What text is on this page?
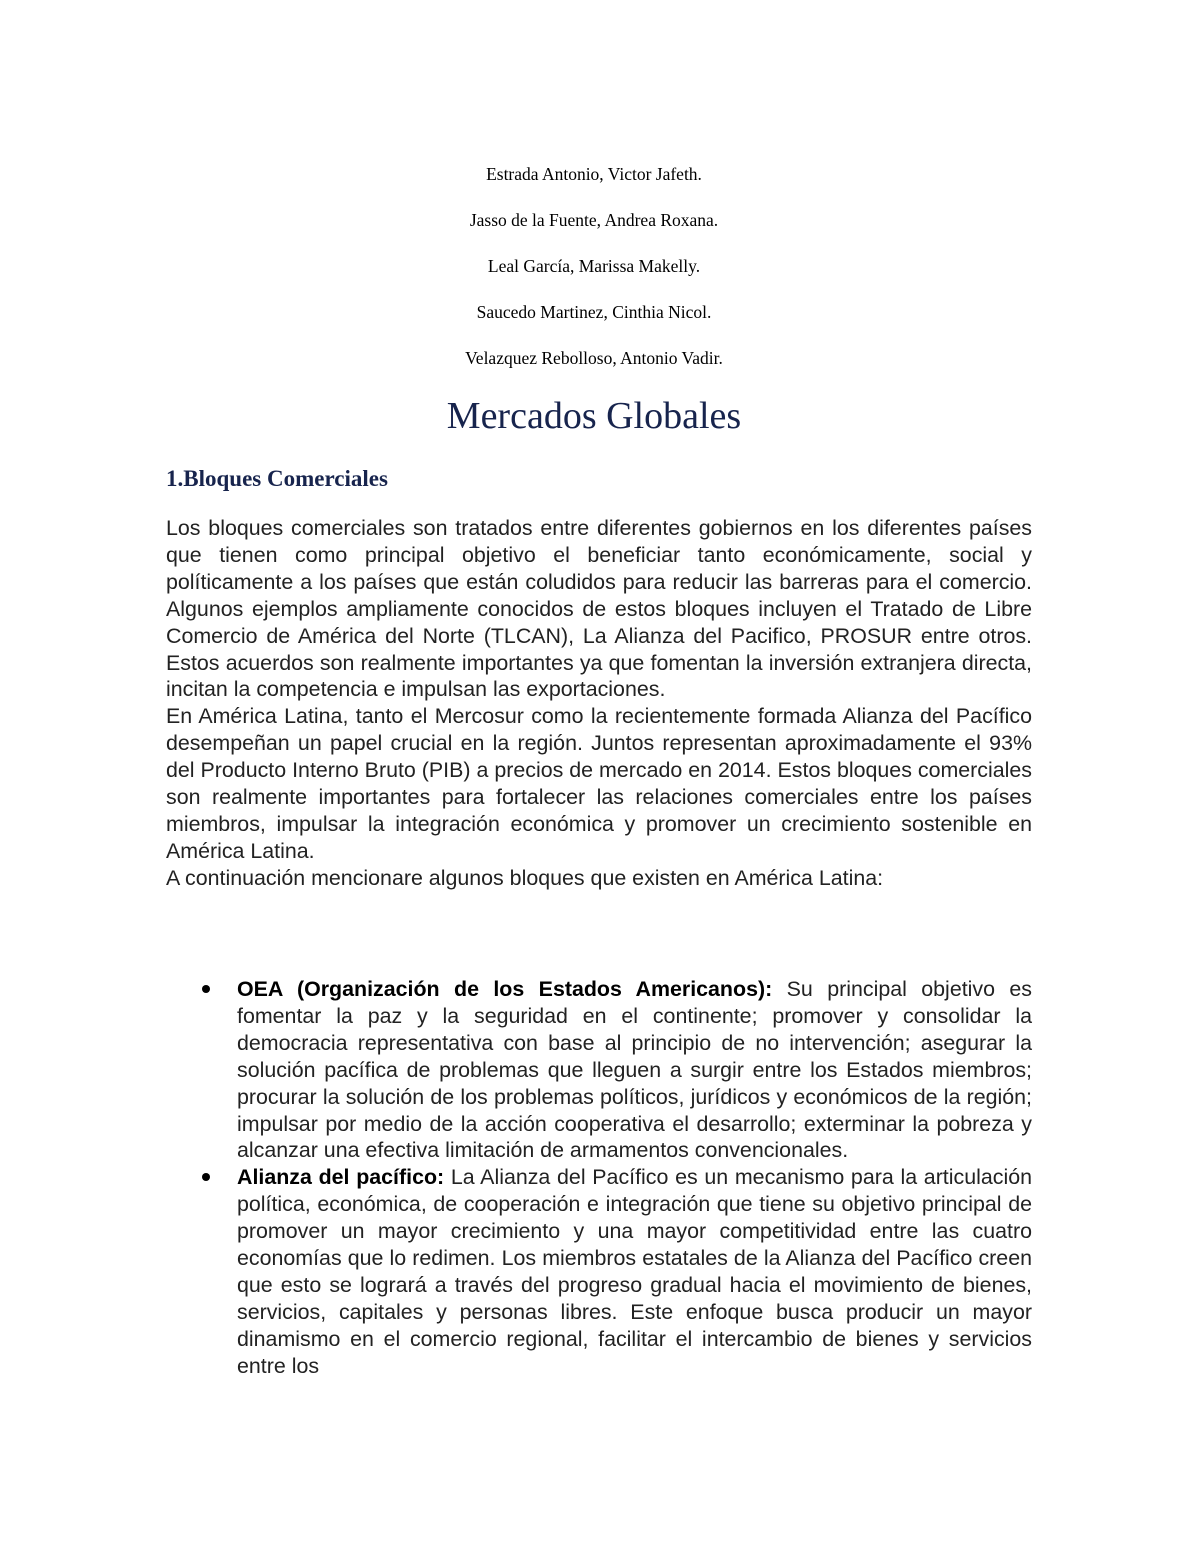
Estrada Antonio, Victor Jafeth.

Jasso de la Fuente, Andrea Roxana.

Leal García, Marissa Makelly.

Saucedo Martinez, Cinthia Nicol.

Velazquez Rebolloso, Antonio Vadir.

Mercados Globales
1.Bloques Comerciales

Los bloques comerciales son tratados entre diferentes gobiernos en los diferentes países que tienen como principal objetivo el beneficiar tanto económicamente, social y políticamente a los países que están coludidos para reducir las barreras para el comercio. Algunos ejemplos ampliamente conocidos de estos bloques incluyen el Tratado de Libre Comercio de América del Norte (TLCAN), La Alianza del Pacifico, PROSUR entre otros. Estos acuerdos son realmente importantes ya que fomentan la inversión extranjera directa, incitan la competencia e impulsan las exportaciones.

En América Latina, tanto el Mercosur como la recientemente formada Alianza del Pacífico desempeñan un papel crucial en la región. Juntos representan aproximadamente el 93% del Producto Interno Bruto (PIB) a precios de mercado en 2014. Estos bloques comerciales son realmente importantes para fortalecer las relaciones comerciales entre los países miembros, impulsar la integración económica y promover un crecimiento sostenible en América Latina.

A continuación mencionare algunos bloques que existen en América Latina:

OEA (Organización de los Estados Americanos): Su principal objetivo es fomentar la paz y la seguridad en el continente; promover y consolidar la democracia representativa con base al principio de no intervención; asegurar la solución pacífica de problemas que lleguen a surgir entre los Estados miembros; procurar la solución de los problemas políticos, jurídicos y económicos de la región; impulsar por medio de la acción cooperativa el desarrollo; exterminar la pobreza y alcanzar una efectiva limitación de armamentos convencionales.
Alianza del pacífico: La Alianza del Pacífico es un mecanismo para la articulación política, económica, de cooperación e integración que tiene su objetivo principal de promover un mayor crecimiento y una mayor competitividad entre las cuatro economías que lo redimen. Los miembros estatales de la Alianza del Pacífico creen que esto se logrará a través del progreso gradual hacia el movimiento de bienes, servicios, capitales y personas libres. Este enfoque busca producir un mayor dinamismo en el comercio regional, facilitar el intercambio de bienes y servicios entre los
